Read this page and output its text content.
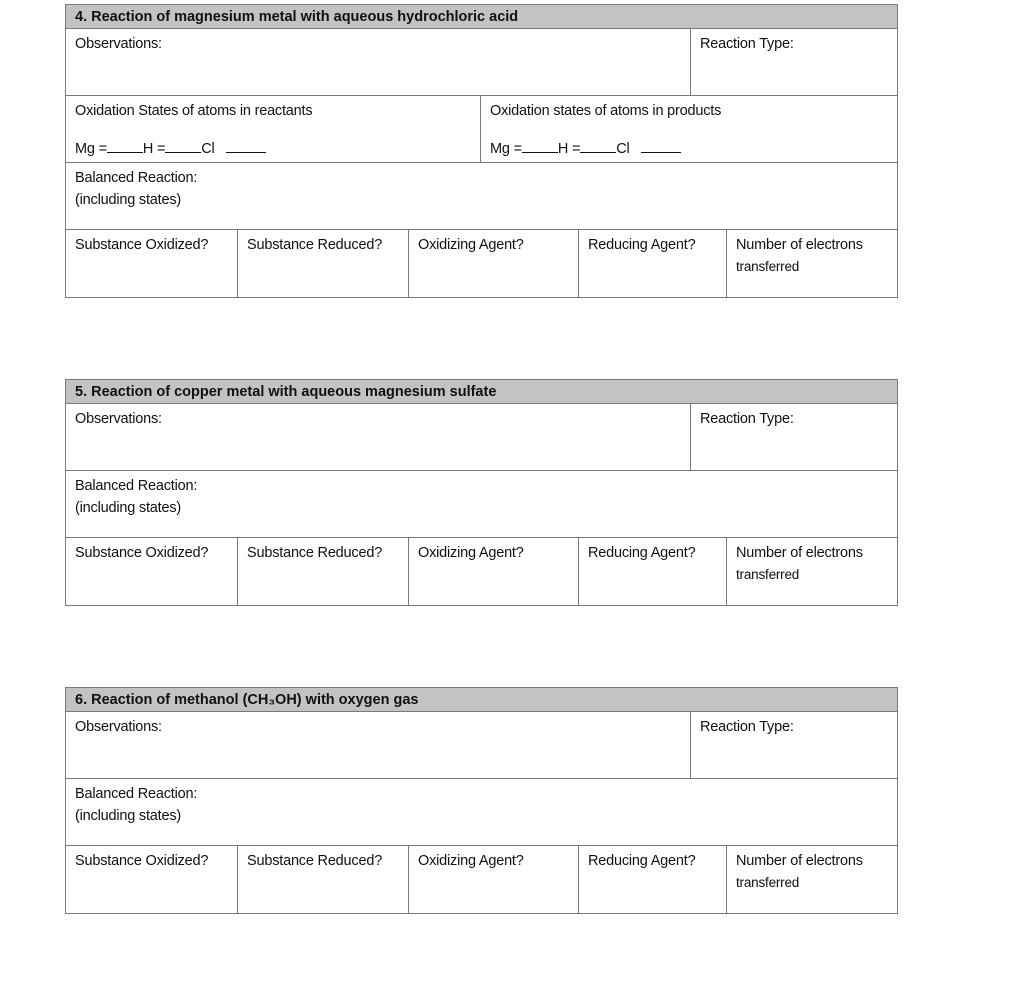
4. Reaction of magnesium metal with aqueous hydrochloric acid
Observations:	Reaction Type:
Oxidation States of atoms in reactants
Mg = H = Cl
Oxidation states of atoms in products
Mg = H = Cl
Balanced Reaction:
(including states)
Substance Oxidized?	Substance Reduced?	Oxidizing Agent?	Reducing Agent?	Number of electrons
transferred
5. Reaction of copper metal with aqueous magnesium sulfate
Observations:	Reaction Type:
Balanced Reaction:
(including states)
Substance Oxidized?	Substance Reduced?	Oxidizing Agent?	Reducing Agent?	Number of electrons
transferred
6. Reaction of methanol (CH₃OH) with oxygen gas
Observations:	Reaction Type:
Balanced Reaction:
(including states)
Substance Oxidized?	Substance Reduced?	Oxidizing Agent?	Reducing Agent?	Number of electrons
transferred
